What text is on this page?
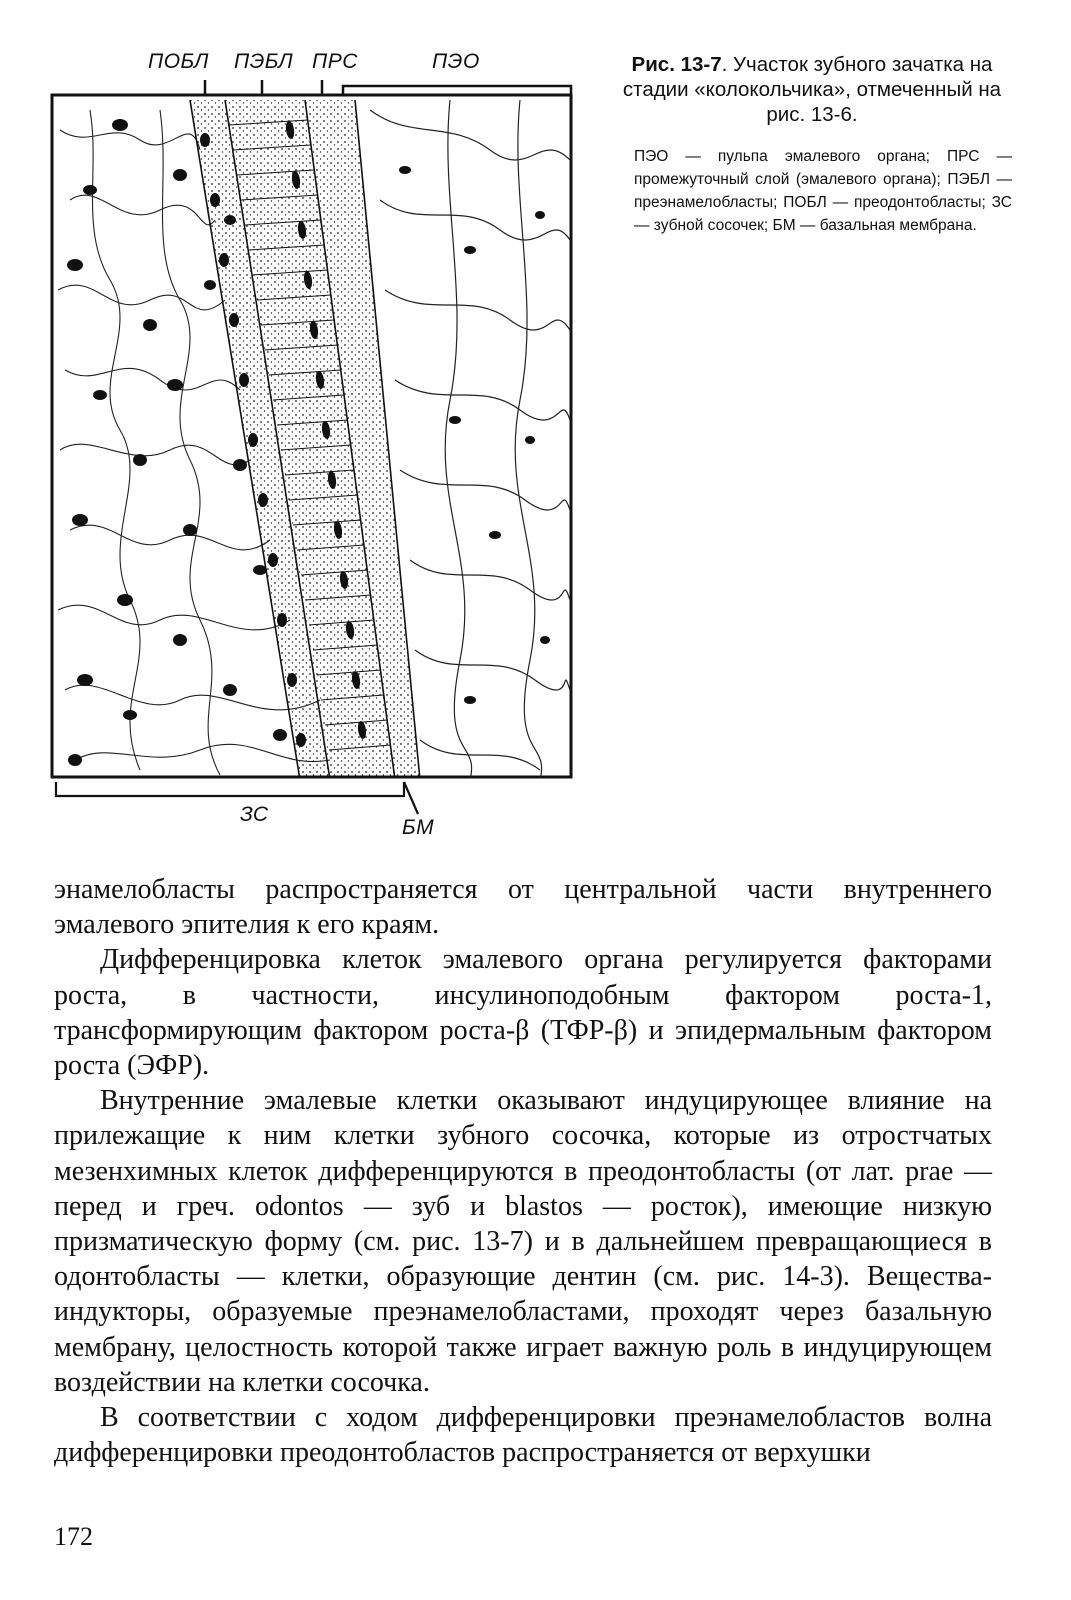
ПОБЛ ПЭБЛ ПРС	ПЭО
ЗС
БМ
Рис. 13-7. Участок зубного зачатка на стадии «колокольчика», отмеченный на рис. 13-6.
ПЭО — пульпа эмалевого органа; ПРС — промежуточный слой (эмалевого органа); ПЭБЛ — преэнамелобласты; ПОБЛ — преодонтобласты; ЗС — зубной сосочек; БМ — базальная мембрана.

энамелобласты распространяется от центральной части внутреннего эмалевого эпителия к его краям.

Дифференцировка клеток эмалевого органа регулируется факторами роста, в частности, инсулиноподобным фактором роста-1, трансформирующим фактором роста-β (ТФР-β) и эпидермальным фактором роста (ЭФР).

Внутренние эмалевые клетки оказывают индуцирующее влияние на прилежащие к ним клетки зубного сосочка, которые из отростчатых мезенхимных клеток дифференцируются в преодонтобласты (от лат. prae — перед и греч. odontos — зуб и blastos — росток), имеющие низкую призматическую форму (см. рис. 13-7) и в дальнейшем превращающиеся в одонтобласты — клетки, образующие дентин (см. рис. 14-3). Вещества-индукторы, образуемые преэнамелобластами, проходят через базальную мембрану, целостность которой также играет важную роль в индуцирующем воздействии на клетки сосочка.

В соответствии с ходом дифференцировки преэнамелобластов волна дифференцировки преодонтобластов распространяется от верхушки

172
